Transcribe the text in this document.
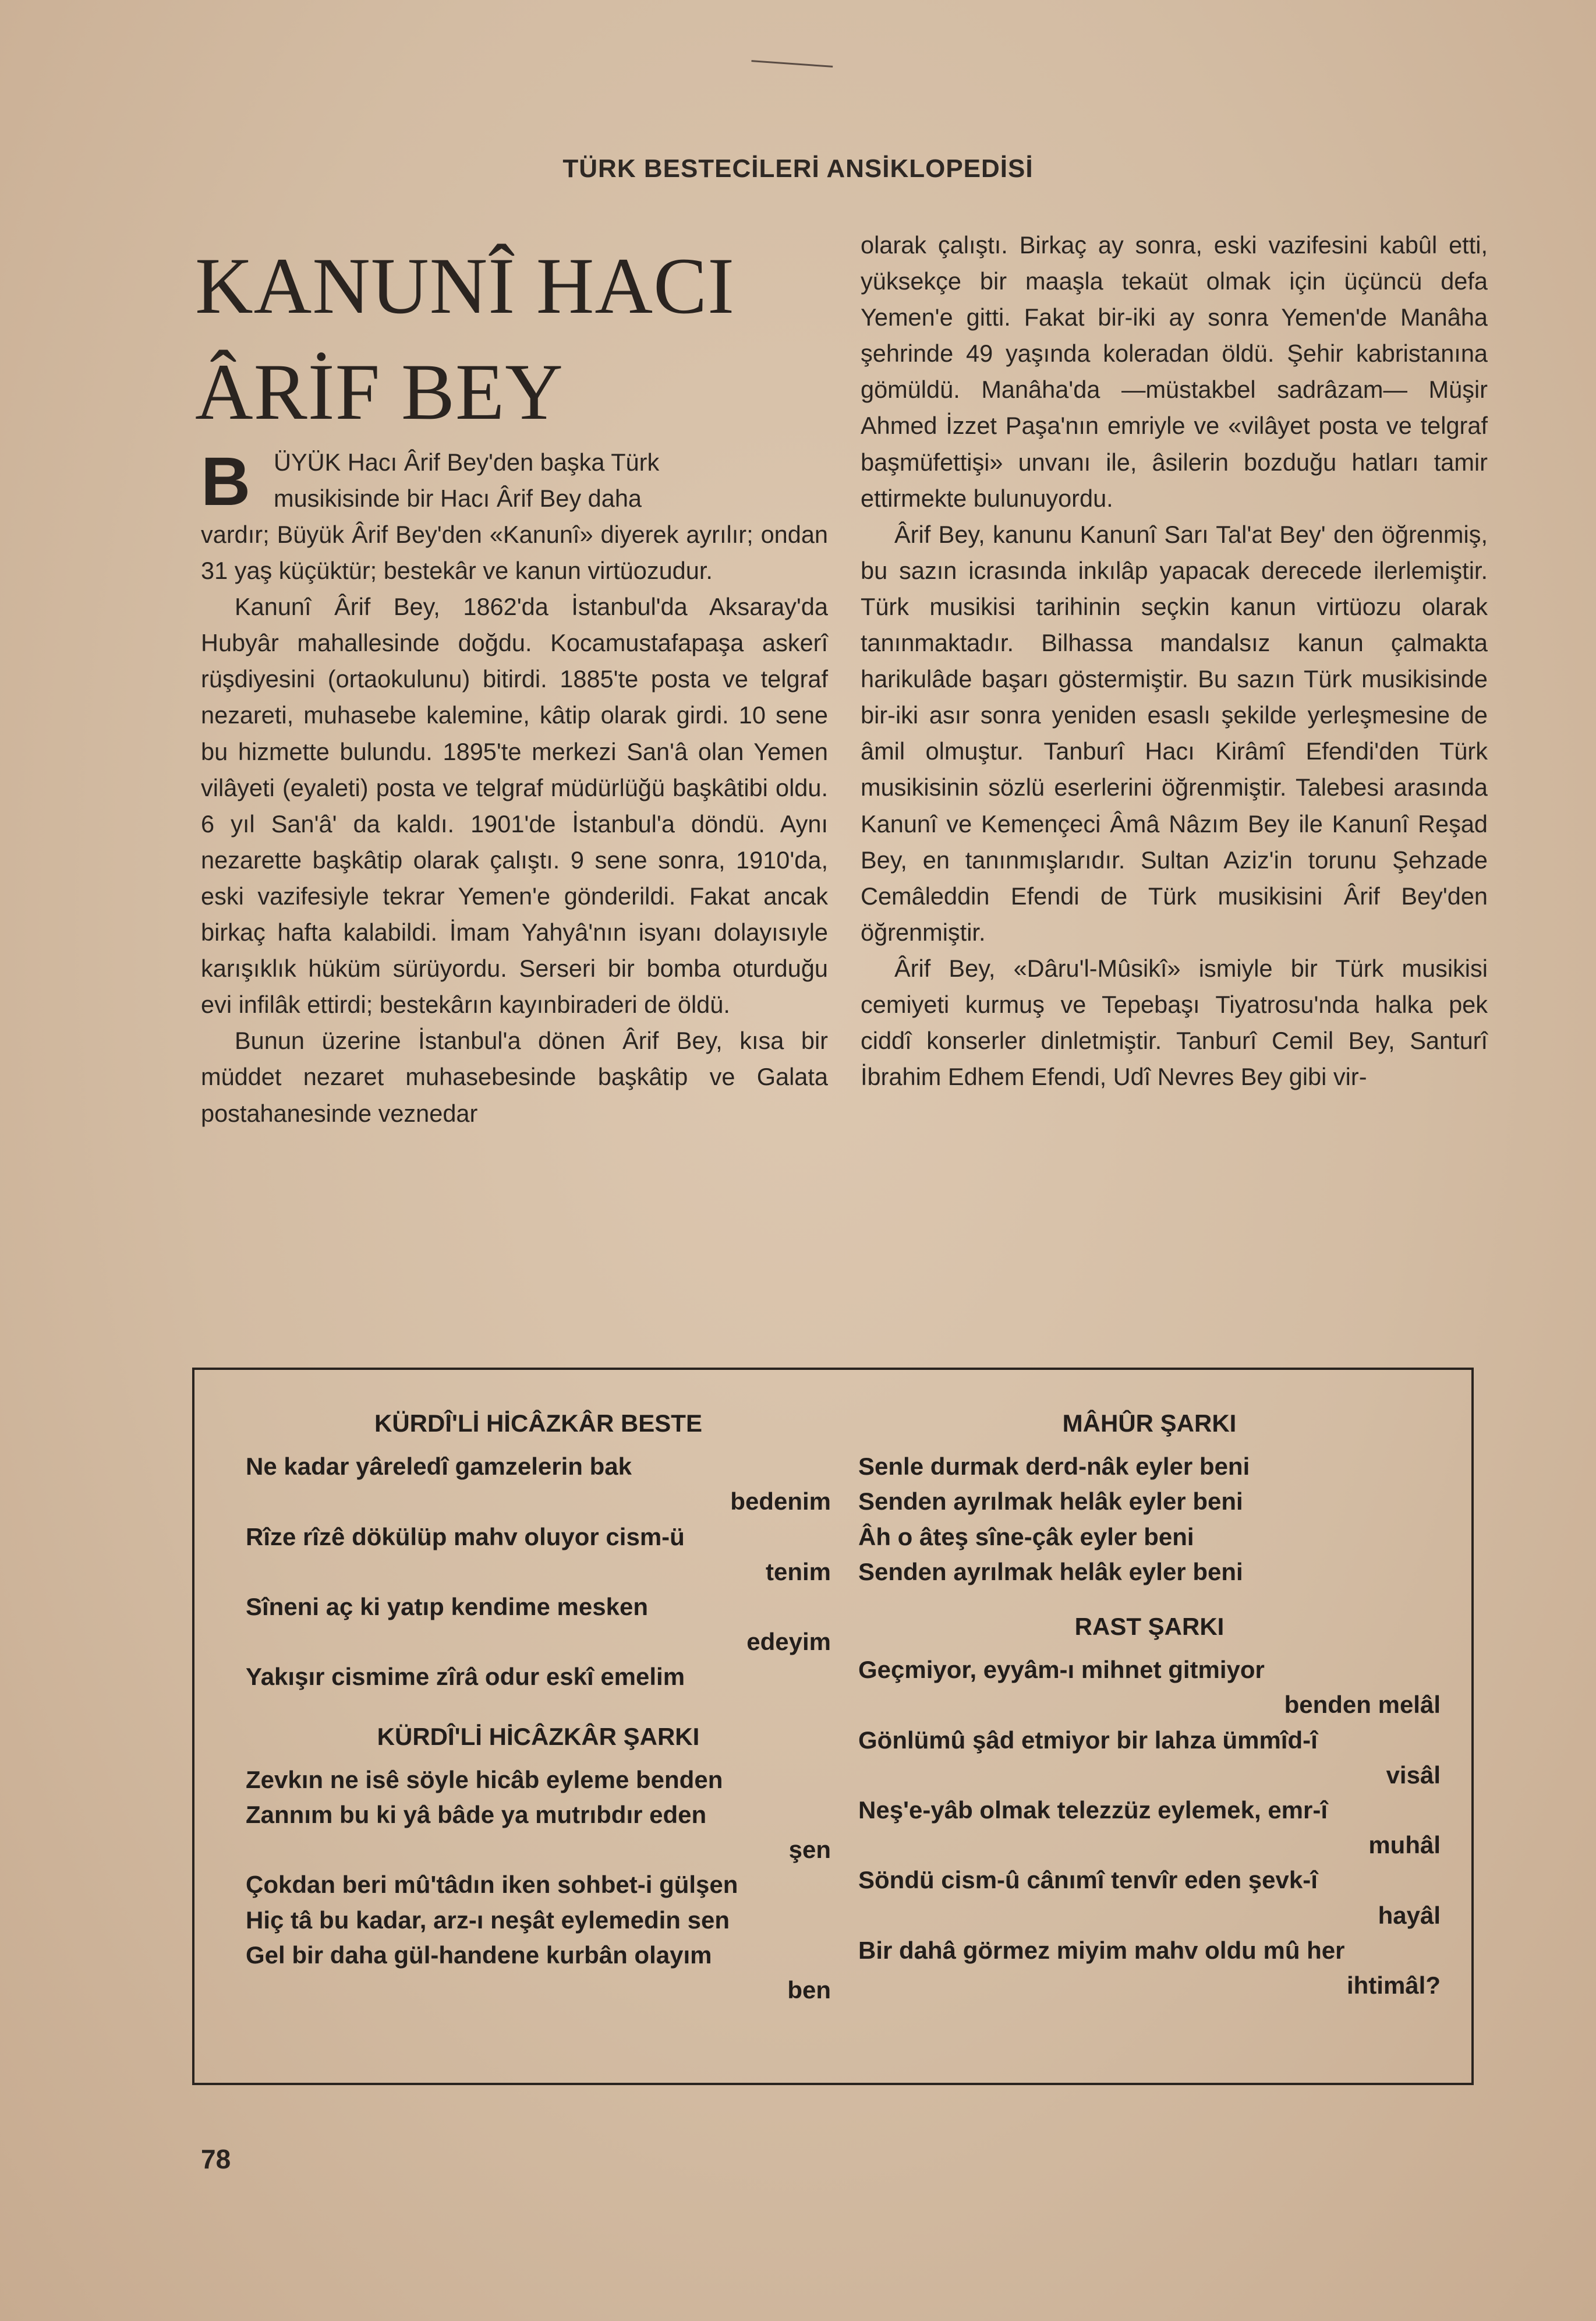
TÜRK BESTECİLERİ ANSİKLOPEDİSİ
KANUNÎ HACI
ÂRİF BEY
B ÜYÜK Hacı Ârif Bey'den başka Türk
musikisinde bir Hacı Ârif Bey daha

vardır; Büyük Ârif Bey'den «Kanunî» diyerek ayrılır; ondan 31 yaş küçüktür; bestekâr ve kanun virtüozudur.

Kanunî Ârif Bey, 1862'da İstanbul'da Aksaray'da Hubyâr mahallesinde doğdu. Kocamustafapaşa askerî rüşdiyesini (ortaokulunu) bitirdi. 1885'te posta ve telgraf nezareti, muhasebe kalemine, kâtip olarak girdi. 10 sene bu hizmette bulundu. 1895'te merkezi San'â olan Yemen vilâyeti (eyaleti) posta ve telgraf müdürlüğü başkâtibi oldu. 6 yıl San'â' da kaldı. 1901'de İstanbul'a döndü. Aynı nezarette başkâtip olarak çalıştı. 9 sene sonra, 1910'da, eski vazifesiyle tekrar Yemen'e gönderildi. Fakat ancak birkaç hafta kalabildi. İmam Yahyâ'nın isyanı dolayısıyle karışıklık hüküm sürüyordu. Serseri bir bomba oturduğu evi infilâk ettirdi; bestekârın kayınbiraderi de öldü.

Bunun üzerine İstanbul'a dönen Ârif Bey, kısa bir müddet nezaret muhasebesinde başkâtip ve Galata postahanesinde veznedar

olarak çalıştı. Birkaç ay sonra, eski vazifesini kabûl etti, yüksekçe bir maaşla tekaüt olmak için üçüncü defa Yemen'e gitti. Fakat bir-iki ay sonra Yemen'de Manâha şehrinde 49 yaşında koleradan öldü. Şehir kabristanına gömüldü. Manâha'da —müstakbel sadrâzam— Müşir Ahmed İzzet Paşa'nın emriyle ve «vilâyet posta ve telgraf başmüfettişi» unvanı ile, âsilerin bozduğu hatları tamir ettirmekte bulunuyordu.

Ârif Bey, kanunu Kanunî Sarı Tal'at Bey' den öğrenmiş, bu sazın icrasında inkılâp yapacak derecede ilerlemiştir. Türk musikisi tarihinin seçkin kanun virtüozu olarak tanınmaktadır. Bilhassa mandalsız kanun çalmakta harikulâde başarı göstermiştir. Bu sazın Türk musikisinde bir-iki asır sonra yeniden esaslı şekilde yerleşmesine de âmil olmuştur. Tanburî Hacı Kirâmî Efendi'den Türk musikisinin sözlü eserlerini öğrenmiştir. Talebesi arasında Kanunî ve Kemençeci Âmâ Nâzım Bey ile Kanunî Reşad Bey, en tanınmışlarıdır. Sultan Aziz'in torunu Şehzade Cemâleddin Efendi de Türk musikisini Ârif Bey'den öğrenmiştir.

Ârif Bey, «Dâru'l-Mûsikî» ismiyle bir Türk musikisi cemiyeti kurmuş ve Tepebaşı Tiyatrosu'nda halka pek ciddî konserler dinletmiştir. Tanburî Cemil Bey, Santurî İbrahim Edhem Efendi, Udî Nevres Bey gibi vir-

KÜRDÎ'Lİ HİCÂZKÂR BESTE

Ne kadar yâreledî gamzelerin bak

bedenim

Rîze rîzê dökülüp mahv oluyor cism-ü

tenim

Sîneni aç ki yatıp kendime mesken

edeyim

Yakışır cismime zîrâ odur eskî emelim

KÜRDÎ'Lİ HİCÂZKÂR ŞARKI

Zevkın ne isê söyle hicâb eyleme benden

Zannım bu ki yâ bâde ya mutrıbdır eden

şen

Çokdan beri mû'tâdın iken sohbet-i gülşen

Hiç tâ bu kadar, arz-ı neşât eylemedin sen

Gel bir daha gül-handene kurbân olayım

ben

MÂHÛR ŞARKI

Senle durmak derd-nâk eyler beni

Senden ayrılmak helâk eyler beni

Âh o âteş sîne-çâk eyler beni

Senden ayrılmak helâk eyler beni

RAST ŞARKI

Geçmiyor, eyyâm-ı mihnet gitmiyor

benden melâl

Gönlümû şâd etmiyor bir lahza ümmîd-î

visâl

Neş'e-yâb olmak telezzüz eylemek, emr-î

muhâl

Söndü cism-û cânımî tenvîr eden şevk-î

hayâl

Bir dahâ görmez miyim mahv oldu mû her

ihtimâl?

78
